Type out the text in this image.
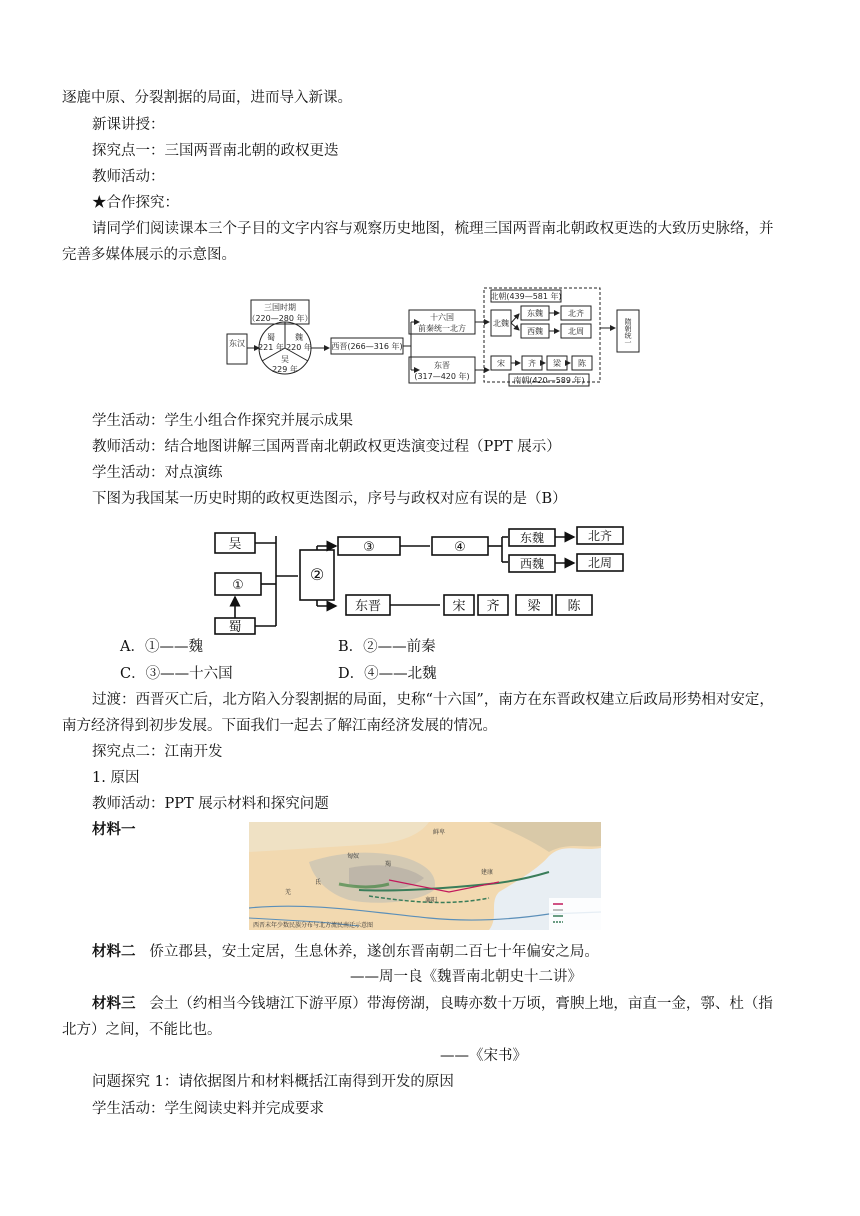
逐鹿中原、分裂割据的局面，进而导入新课。
新课讲授：
探究点一：三国两晋南北朝的政权更迭
教师活动：
★合作探究：
请同学们阅读课本三个子目的文字内容与观察历史地图，梳理三国两晋南北朝政权更迭的大致历史脉络，并
完善多媒体展示的示意图。
三国时期
（220—280 年）
东汉
魏
220 年
蜀
221 年
吴
229 年
西晋(266—316 年)
十六国
前秦统一北方
北朝(439—581 年)
北魏
东魏
西魏
北齐
北周
东晋
(317—420 年)
宋	齐 梁 陈
南朝(420—589 年)
隋朝统一
学生活动：学生小组合作探究并展示成果
教师活动：结合地图讲解三国两晋南北朝政权更迭演变过程（PPT 展示）
学生活动：对点演练
下图为我国某一历史时期的政权更迭图示，序号与政权对应有误的是（B）
吴
①
蜀
②
③	④
东魏
西魏
北齐
北周
东晋	宋 齐 梁 陈
A．①——魏	B．②——前秦
C．③——十六国	D．④——北魏
过渡：西晋灭亡后，北方陷入分裂割据的局面，史称“十六国”，南方在东晋政权建立后政局形势相对安定，
南方经济得到初步发展。下面我们一起去了解江南经济发展的情况。
探究点二：江南开发
1. 原因
教师活动：PPT 展示材料和探究问题
材料一	鲜卑
匈奴
羯
氐
羌
襄阳
建康
西晋末年少数民族分布与北方流民南迁示意图
材料二 侨立郡县，安土定居，生息休养，遂创东晋南朝二百七十年偏安之局。
——周一良《魏晋南北朝史十二讲》
材料三 会土（约相当今钱塘江下游平原）带海傍湖，良畴亦数十万顷，膏腴上地，亩直一金，鄠、杜（指
北方）之间，不能比也。
——《宋书》
问题探究 1：请依据图片和材料概括江南得到开发的原因
学生活动：学生阅读史料并完成要求
